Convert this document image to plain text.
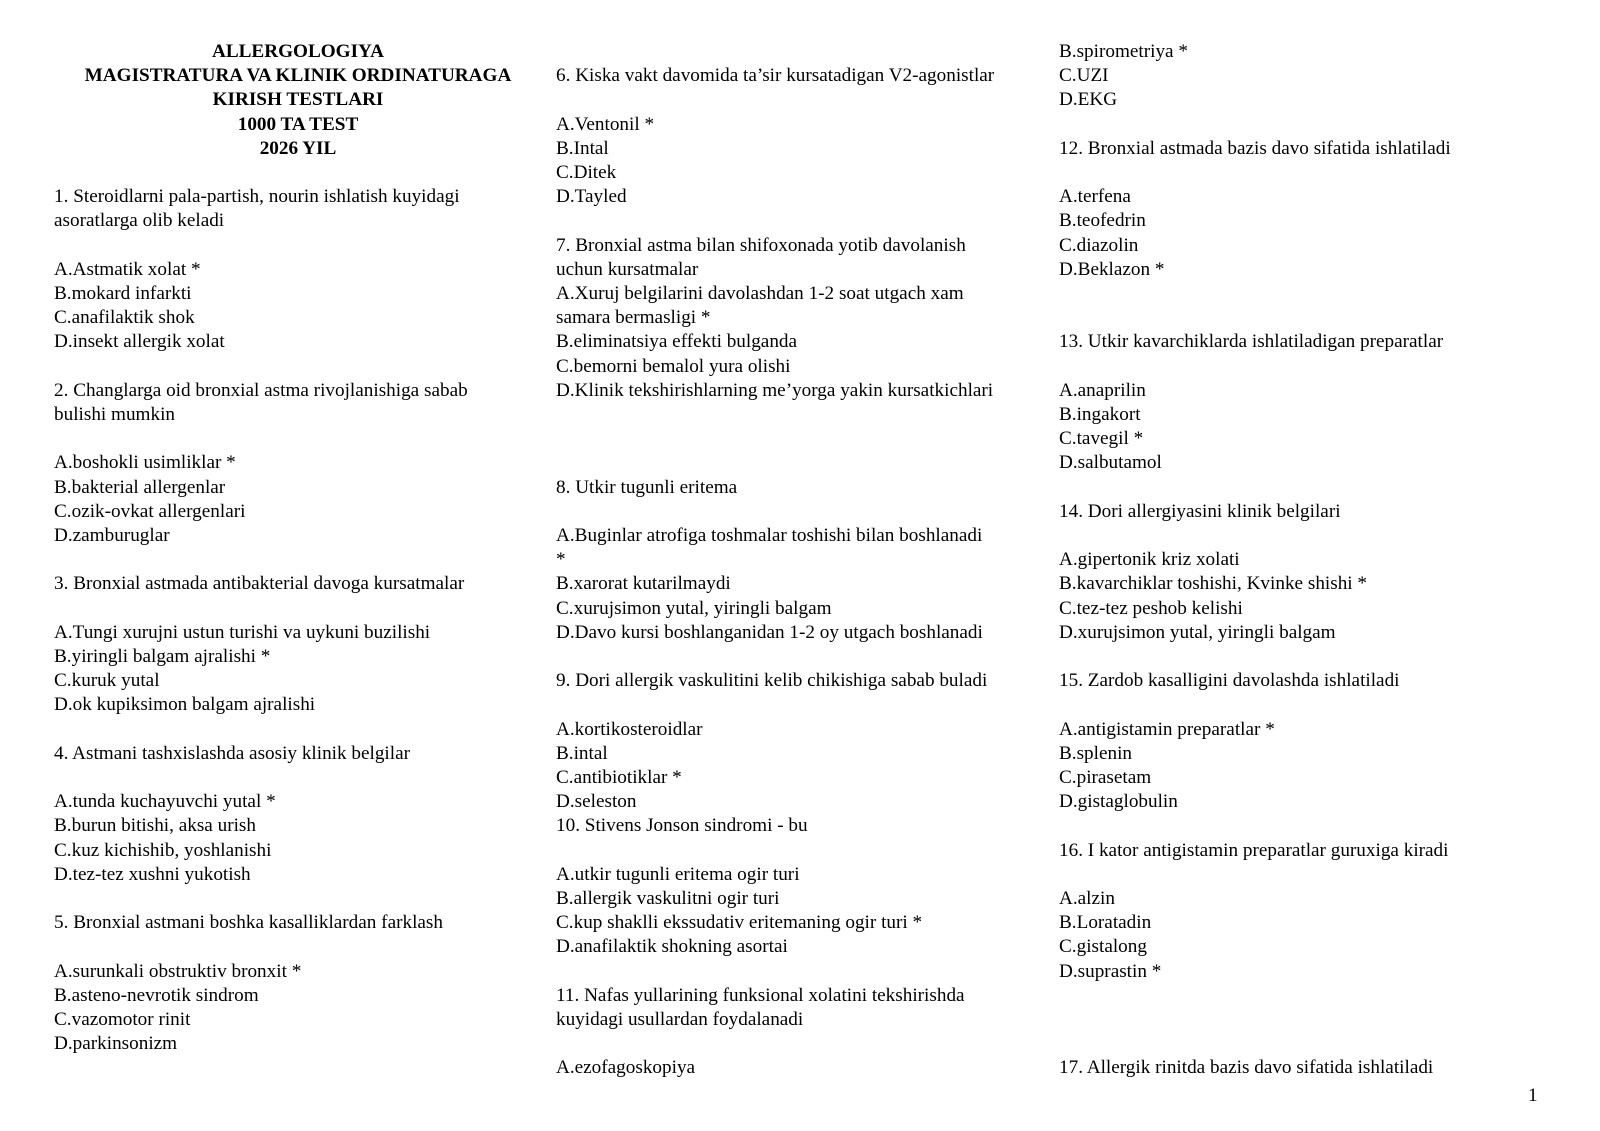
ALLERGOLOGIYA
MAGISTRATURA VA KLINIK ORDINATURAGA
KIRISH TESTLARI
1000 TA TEST
2026 YIL
1. Steroidlarni pala-partish, nourin ishlatish kuyidagi
asoratlarga olib keladi
A.Astmatik xolat *
B.mokard infarkti
C.anafilaktik shok
D.insekt allergik xolat
2. Changlarga oid bronxial astma rivojlanishiga sabab
bulishi mumkin
A.boshokli usimliklar *
B.bakterial allergenlar
C.ozik-ovkat allergenlari
D.zamburuglar
3. Bronxial astmada antibakterial davoga kursatmalar
A.Tungi xurujni ustun turishi va uykuni buzilishi
B.yiringli balgam ajralishi *
C.kuruk yutal
D.ok kupiksimon balgam ajralishi
4. Astmani tashxislashda asosiy klinik belgilar
A.tunda kuchayuvchi yutal *
B.burun bitishi, aksa urish
C.kuz kichishib, yoshlanishi
D.tez-tez xushni yukotish
5. Bronxial astmani boshka kasalliklardan farklash
A.surunkali obstruktiv bronxit *
B.asteno-nevrotik sindrom
C.vazomotor rinit
D.parkinsonizm
6. Kiska vakt davomida ta’sir kursatadigan V2-agonistlar
A.Ventonil *
B.Intal
C.Ditek
D.Tayled
7. Bronxial astma bilan shifoxonada yotib davolanish
uchun kursatmalar
A.Xuruj belgilarini davolashdan 1-2 soat utgach xam
samara bermasligi *
B.eliminatsiya effekti bulganda
C.bemorni bemalol yura olishi
D.Klinik tekshirishlarning me’yorga yakin kursatkichlari
8. Utkir tugunli eritema
A.Buginlar atrofiga toshmalar toshishi bilan boshlanadi
*
B.xarorat kutarilmaydi
C.xurujsimon yutal, yiringli balgam
D.Davo kursi boshlanganidan 1-2 oy utgach boshlanadi
9. Dori allergik vaskulitini kelib chikishiga sabab buladi
A.kortikosteroidlar
B.intal
C.antibiotiklar *
D.seleston
10. Stivens Jonson sindromi - bu
A.utkir tugunli eritema ogir turi
B.allergik vaskulitni ogir turi
C.kup shaklli ekssudativ eritemaning ogir turi *
D.anafilaktik shokning asortai
11. Nafas yullarining funksional xolatini tekshirishda
kuyidagi usullardan foydalanadi
A.ezofagoskopiya
B.spirometriya *
C.UZI
D.EKG
12. Bronxial astmada bazis davo sifatida ishlatiladi
A.terfena
B.teofedrin
C.diazolin
D.Beklazon *
13. Utkir kavarchiklarda ishlatiladigan preparatlar
A.anaprilin
B.ingakort
C.tavegil *
D.salbutamol
14. Dori allergiyasini klinik belgilari
A.gipertonik kriz xolati
B.kavarchiklar toshishi, Kvinke shishi *
C.tez-tez peshob kelishi
D.xurujsimon yutal, yiringli balgam
15. Zardob kasalligini davolashda ishlatiladi
A.antigistamin preparatlar *
B.splenin
C.pirasetam
D.gistaglobulin
16. I kator antigistamin preparatlar guruxiga kiradi
A.alzin
B.Loratadin
C.gistalong
D.suprastin *
17. Allergik rinitda bazis davo sifatida ishlatiladi
1
